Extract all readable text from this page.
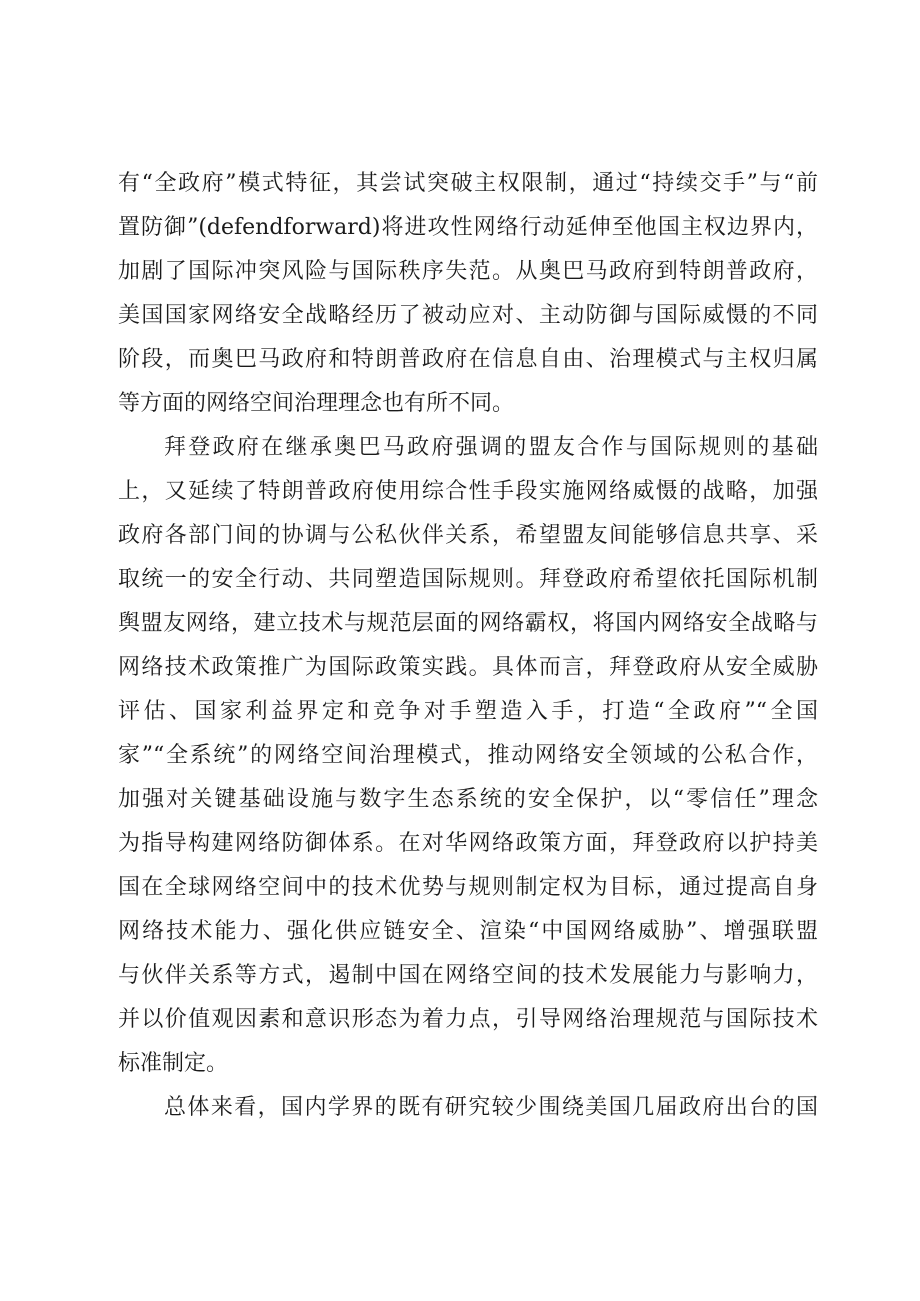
有“全政府”模式特征，其尝试突破主权限制，通过“持续交手”与“前
置防御”(defendforward)将进攻性网络行动延伸至他国主权边界内，
加剧了国际冲突风险与国际秩序失范。从奥巴马政府到特朗普政府，
美国国家网络安全战略经历了被动应对、主动防御与国际威慑的不同
阶段，而奥巴马政府和特朗普政府在信息自由、治理模式与主权归属
等方面的网络空间治理理念也有所不同。
拜登政府在继承奥巴马政府强调的盟友合作与国际规则的基础
上，又延续了特朗普政府使用综合性手段实施网络威慑的战略，加强
政府各部门间的协调与公私伙伴关系，希望盟友间能够信息共享、采
取统一的安全行动、共同塑造国际规则。拜登政府希望依托国际机制
舆盟友网络，建立技术与规范层面的网络霸权，将国内网络安全战略与
网络技术政策推广为国际政策实践。具体而言，拜登政府从安全威胁
评估、国家利益界定和竞争对手塑造入手，打造“全政府”“全国
家”“全系统”的网络空间治理模式，推动网络安全领域的公私合作，
加强对关键基础设施与数字生态系统的安全保护，以“零信任”理念
为指导构建网络防御体系。在对华网络政策方面，拜登政府以护持美
国在全球网络空间中的技术优势与规则制定权为目标，通过提高自身
网络技术能力、强化供应链安全、渲染“中国网络威胁”、增强联盟
与伙伴关系等方式，遏制中国在网络空间的技术发展能力与影响力，
并以价值观因素和意识形态为着力点，引导网络治理规范与国际技术
标准制定。
总体来看，国内学界的既有研究较少围绕美国几届政府出台的国
